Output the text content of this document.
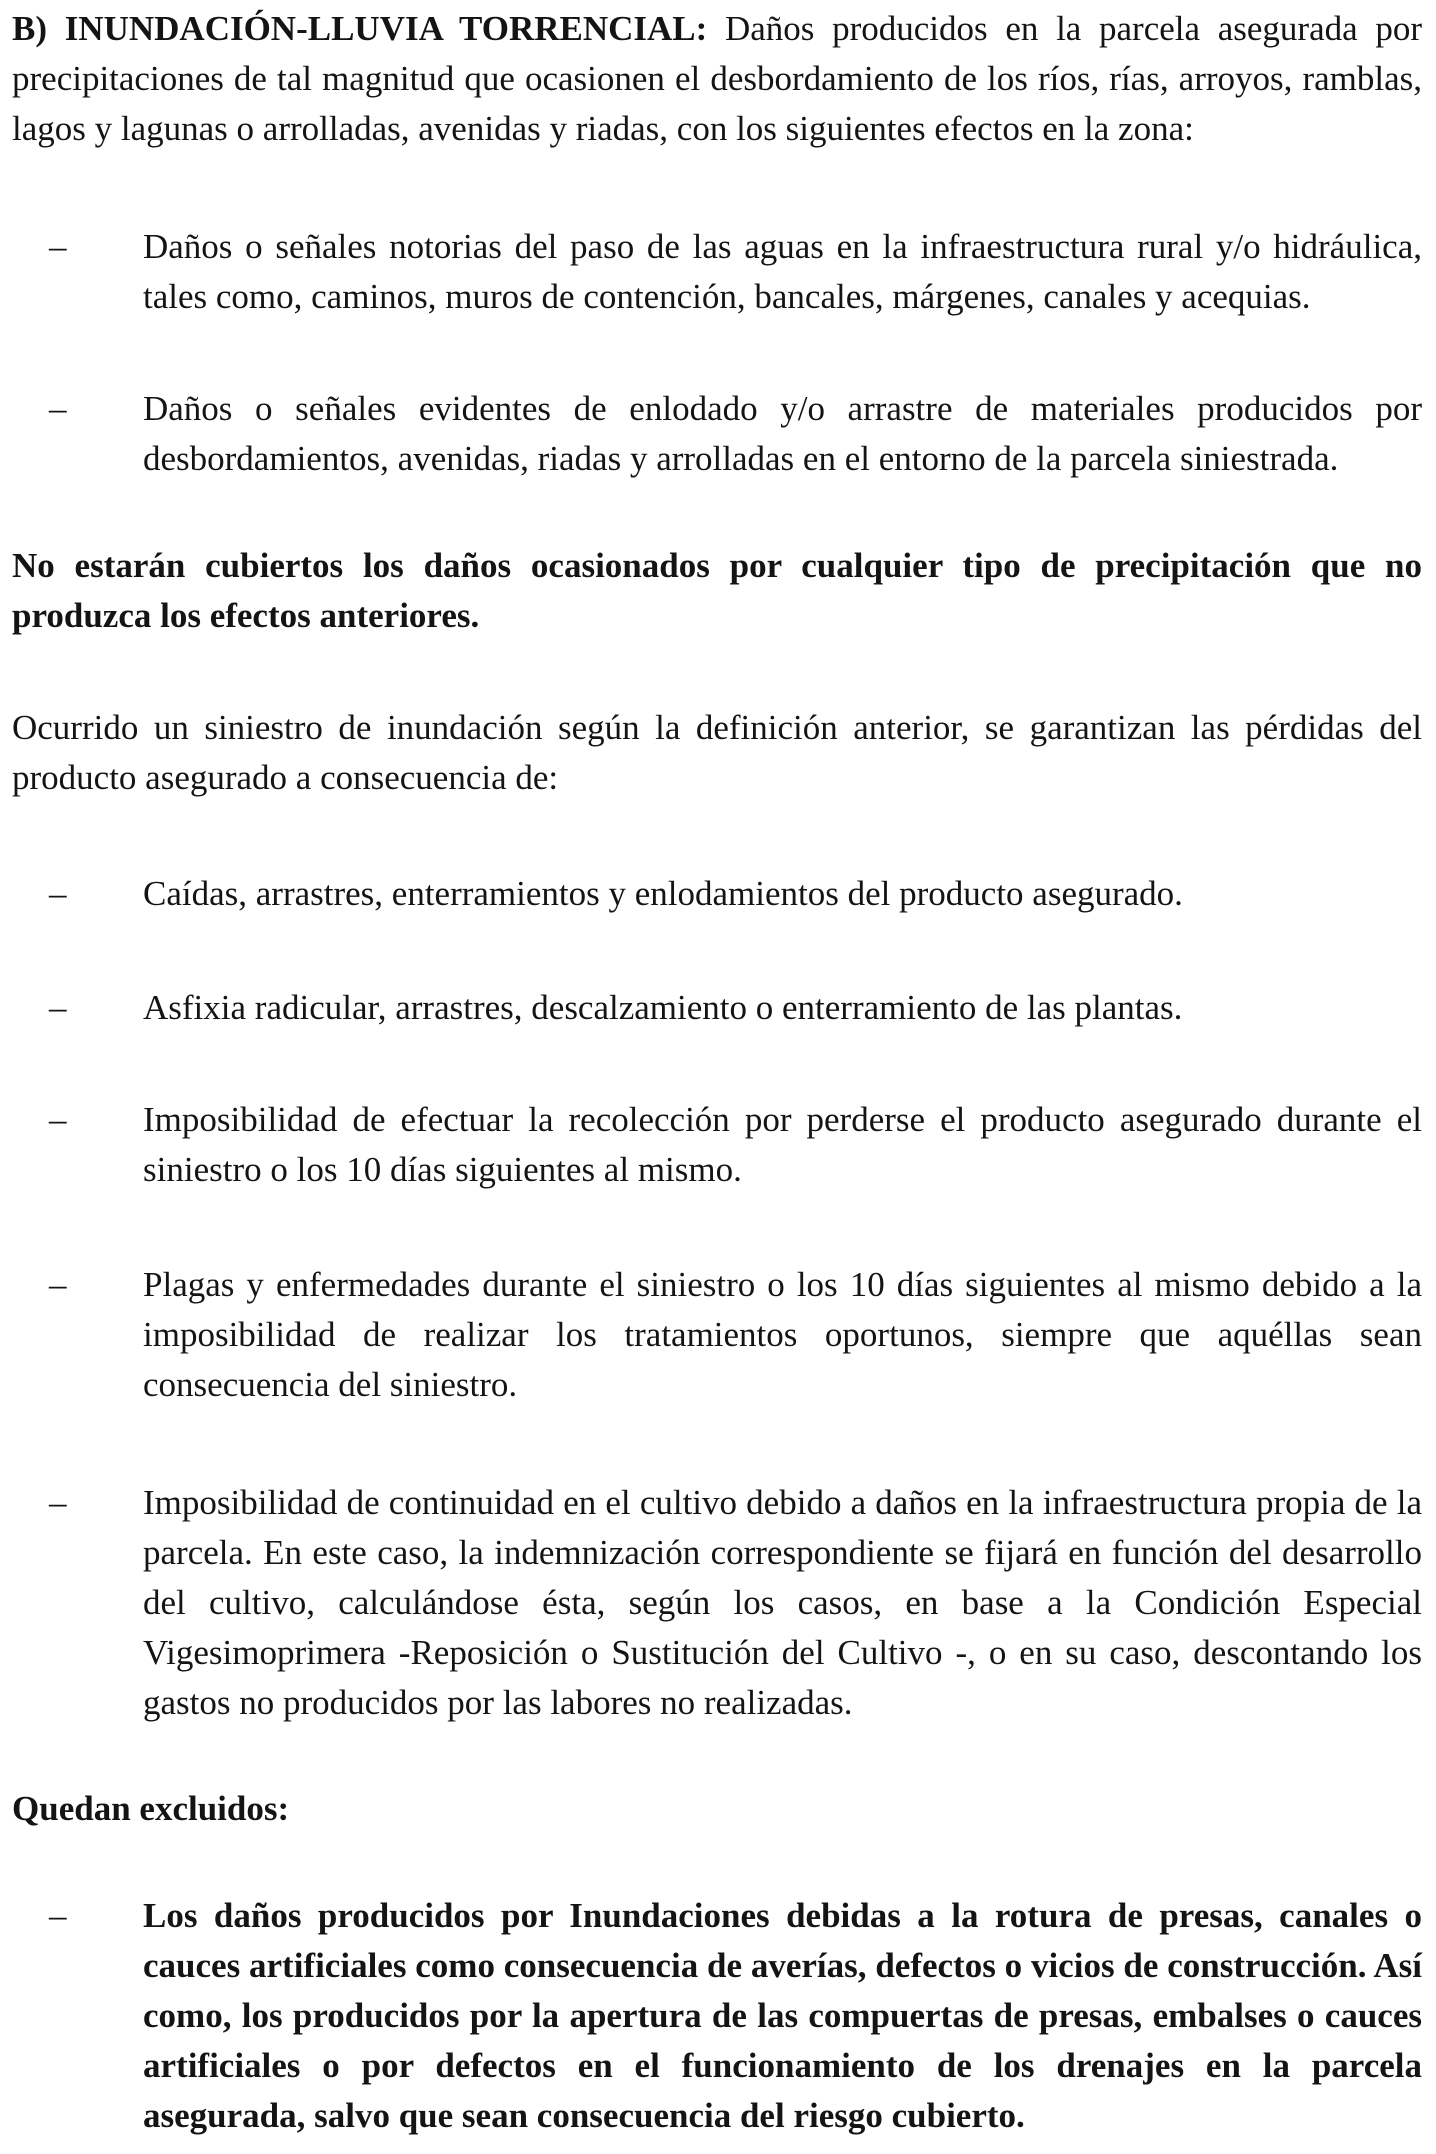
B) INUNDACIÓN-LLUVIA TORRENCIAL: Daños producidos en la parcela asegurada por precipitaciones de tal magnitud que ocasionen el desbordamiento de los ríos, rías, arroyos, ramblas, lagos y lagunas o arrolladas, avenidas y riadas, con los siguientes efectos en la zona:

– Daños o señales notorias del paso de las aguas en la infraestructura rural y/o hidráulica, tales como, caminos, muros de contención, bancales, márgenes, canales y acequias.

– Daños o señales evidentes de enlodado y/o arrastre de materiales producidos por desbordamientos, avenidas, riadas y arrolladas en el entorno de la parcela siniestrada.

No estarán cubiertos los daños ocasionados por cualquier tipo de precipitación que no produzca los efectos anteriores.

Ocurrido un siniestro de inundación según la definición anterior, se garantizan las pérdidas del producto asegurado a consecuencia de:

– Caídas, arrastres, enterramientos y enlodamientos del producto asegurado.

– Asfixia radicular, arrastres, descalzamiento o enterramiento de las plantas.

– Imposibilidad de efectuar la recolección por perderse el producto asegurado durante el siniestro o los 10 días siguientes al mismo.

– Plagas y enfermedades durante el siniestro o los 10 días siguientes al mismo debido a la imposibilidad de realizar los tratamientos oportunos, siempre que aquéllas sean consecuencia del siniestro.

– Imposibilidad de continuidad en el cultivo debido a daños en la infraestructura propia de la parcela. En este caso, la indemnización correspondiente se fijará en función del desarrollo del cultivo, calculándose ésta, según los casos, en base a la Condición Especial Vigesimoprimera -Reposición o Sustitución del Cultivo -, o en su caso, descontando los gastos no producidos por las labores no realizadas.

Quedan excluidos:

– Los daños producidos por Inundaciones debidas a la rotura de presas, canales o cauces artificiales como consecuencia de averías, defectos o vicios de construcción. Así como, los producidos por la apertura de las compuertas de presas, embalses o cauces artificiales o por defectos en el funcionamiento de los drenajes en la parcela asegurada, salvo que sean consecuencia del riesgo cubierto.
